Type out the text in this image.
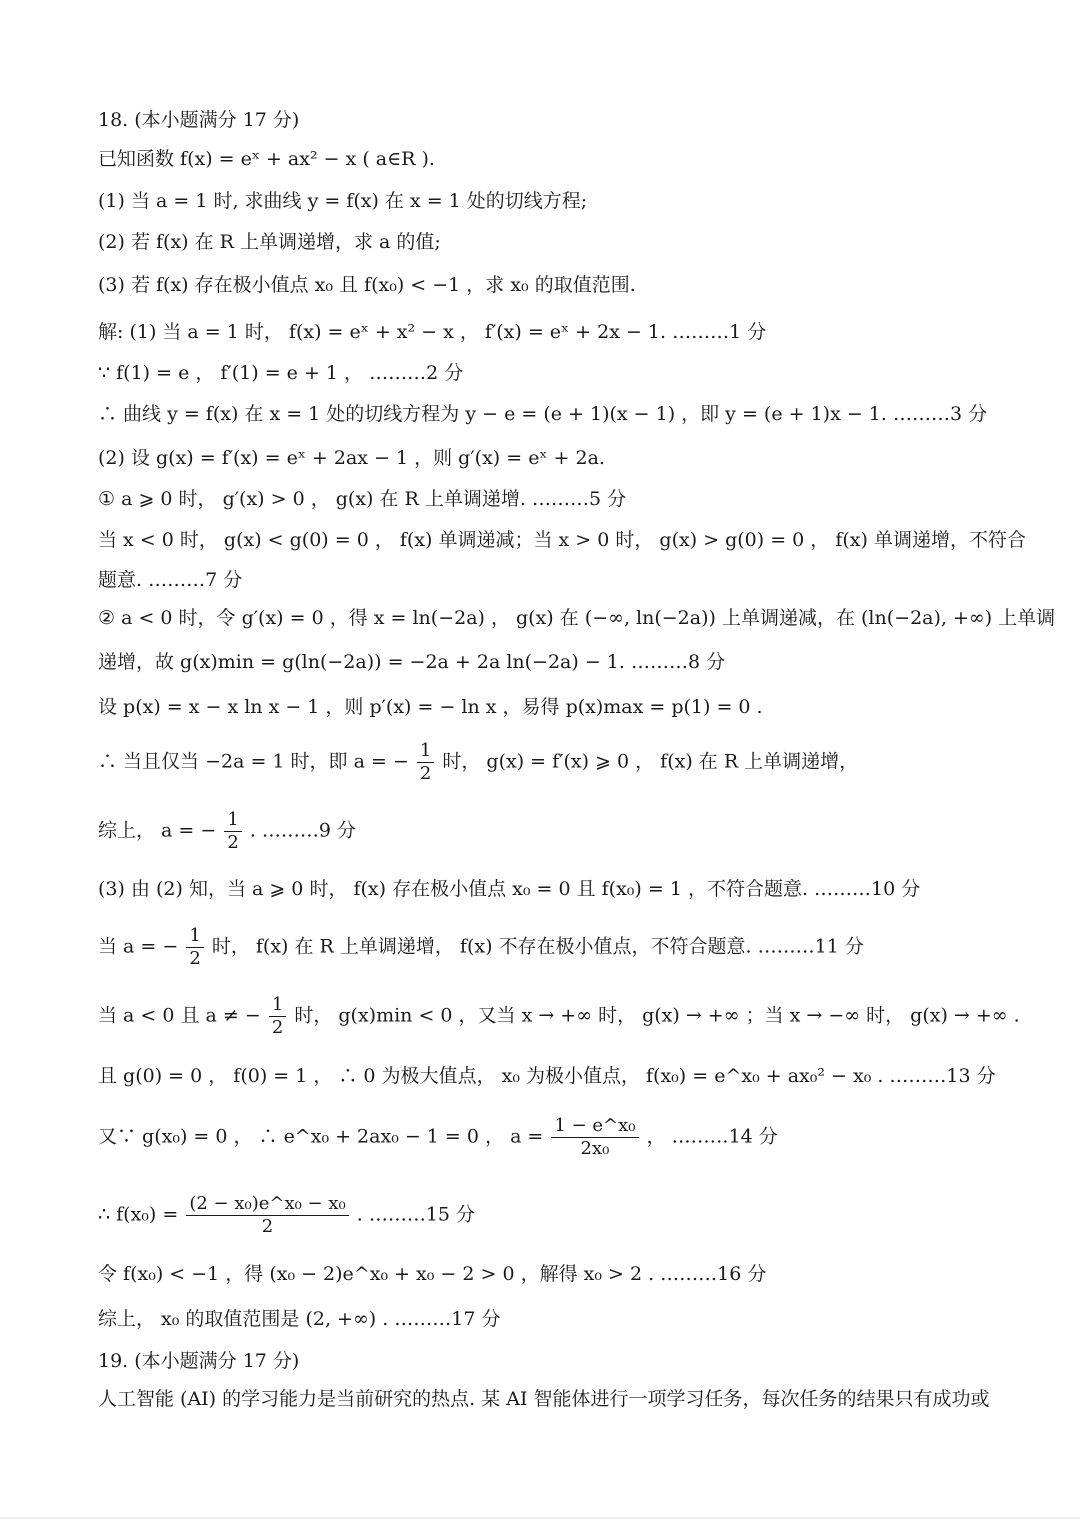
18. (本小题满分 17 分)
已知函数 f(x) = eˣ + ax² − x ( a∈R ).
(1) 当 a = 1 时, 求曲线 y = f(x) 在 x = 1 处的切线方程;
(2) 若 f(x) 在 R 上单调递增，求 a 的值;
(3) 若 f(x) 存在极小值点 x₀ 且 f(x₀) < −1 ，求 x₀ 的取值范围.
解: (1) 当 a = 1 时， f(x) = eˣ + x² − x ， f′(x) = eˣ + 2x − 1. ………1 分
∵ f(1) = e ， f′(1) = e + 1 ， ………2 分
∴ 曲线 y = f(x) 在 x = 1 处的切线方程为 y − e = (e + 1)(x − 1) ，即 y = (e + 1)x − 1. ………3 分
(2) 设 g(x) = f′(x) = eˣ + 2ax − 1 ，则 g′(x) = eˣ + 2a.
① a ⩾ 0 时， g′(x) > 0 ， g(x) 在 R 上单调递增. ………5 分
当 x < 0 时， g(x) < g(0) = 0 ， f(x) 单调递减；当 x > 0 时， g(x) > g(0) = 0 ， f(x) 单调递增，不符合
题意. ………7 分
② a < 0 时，令 g′(x) = 0 ，得 x = ln(−2a) ， g(x) 在 (−∞, ln(−2a)) 上单调递减，在 (ln(−2a), +∞) 上单调
递增，故 g(x)min = g(ln(−2a)) = −2a + 2a ln(−2a) − 1. ………8 分
设 p(x) = x − x ln x − 1 ，则 p′(x) = − ln x ，易得 p(x)max = p(1) = 0 .
∴ 当且仅当 −2a = 1 时，即 a = − $\frac{1}{2}$ 时， g(x) = f′(x) ⩾ 0 ， f(x) 在 R 上单调递增，
综上， a = − $\frac{1}{2}$ . ………9 分
(3) 由 (2) 知，当 a ⩾ 0 时， f(x) 存在极小值点 x₀ = 0 且 f(x₀) = 1 ，不符合题意. ………10 分
当 a = − $\frac{1}{2}$ 时， f(x) 在 R 上单调递增， f(x) 不存在极小值点，不符合题意. ………11 分
当 a < 0 且 a ≠ − $\frac{1}{2}$ 时， g(x)min < 0 ，又当 x → +∞ 时， g(x) → +∞ ；当 x → −∞ 时， g(x) → +∞ .
且 g(0) = 0 ， f(0) = 1 ， ∴ 0 为极大值点， x₀ 为极小值点， f(x₀) = e^x₀ + ax₀² − x₀ . ………13 分
又∵ g(x₀) = 0 ， ∴ e^x₀ + 2ax₀ − 1 = 0 ， $a = \frac{\text{1 − e\textasciicircum{}x₀}}{\text{2x₀}}$ ， ………14 分
∴ $f(x_0) = \frac{\text{(2 − x₀)e\textasciicircum{}x₀ − x₀}}{2}$ . ………15 分
令 f(x₀) < −1 ，得 (x₀ − 2)e^x₀ + x₀ − 2 > 0 ，解得 x₀ > 2 . ………16 分
综上， x₀ 的取值范围是 (2, +∞) . ………17 分
19. (本小题满分 17 分)
人工智能 (AI) 的学习能力是当前研究的热点. 某 AI 智能体进行一项学习任务，每次任务的结果只有成功或
